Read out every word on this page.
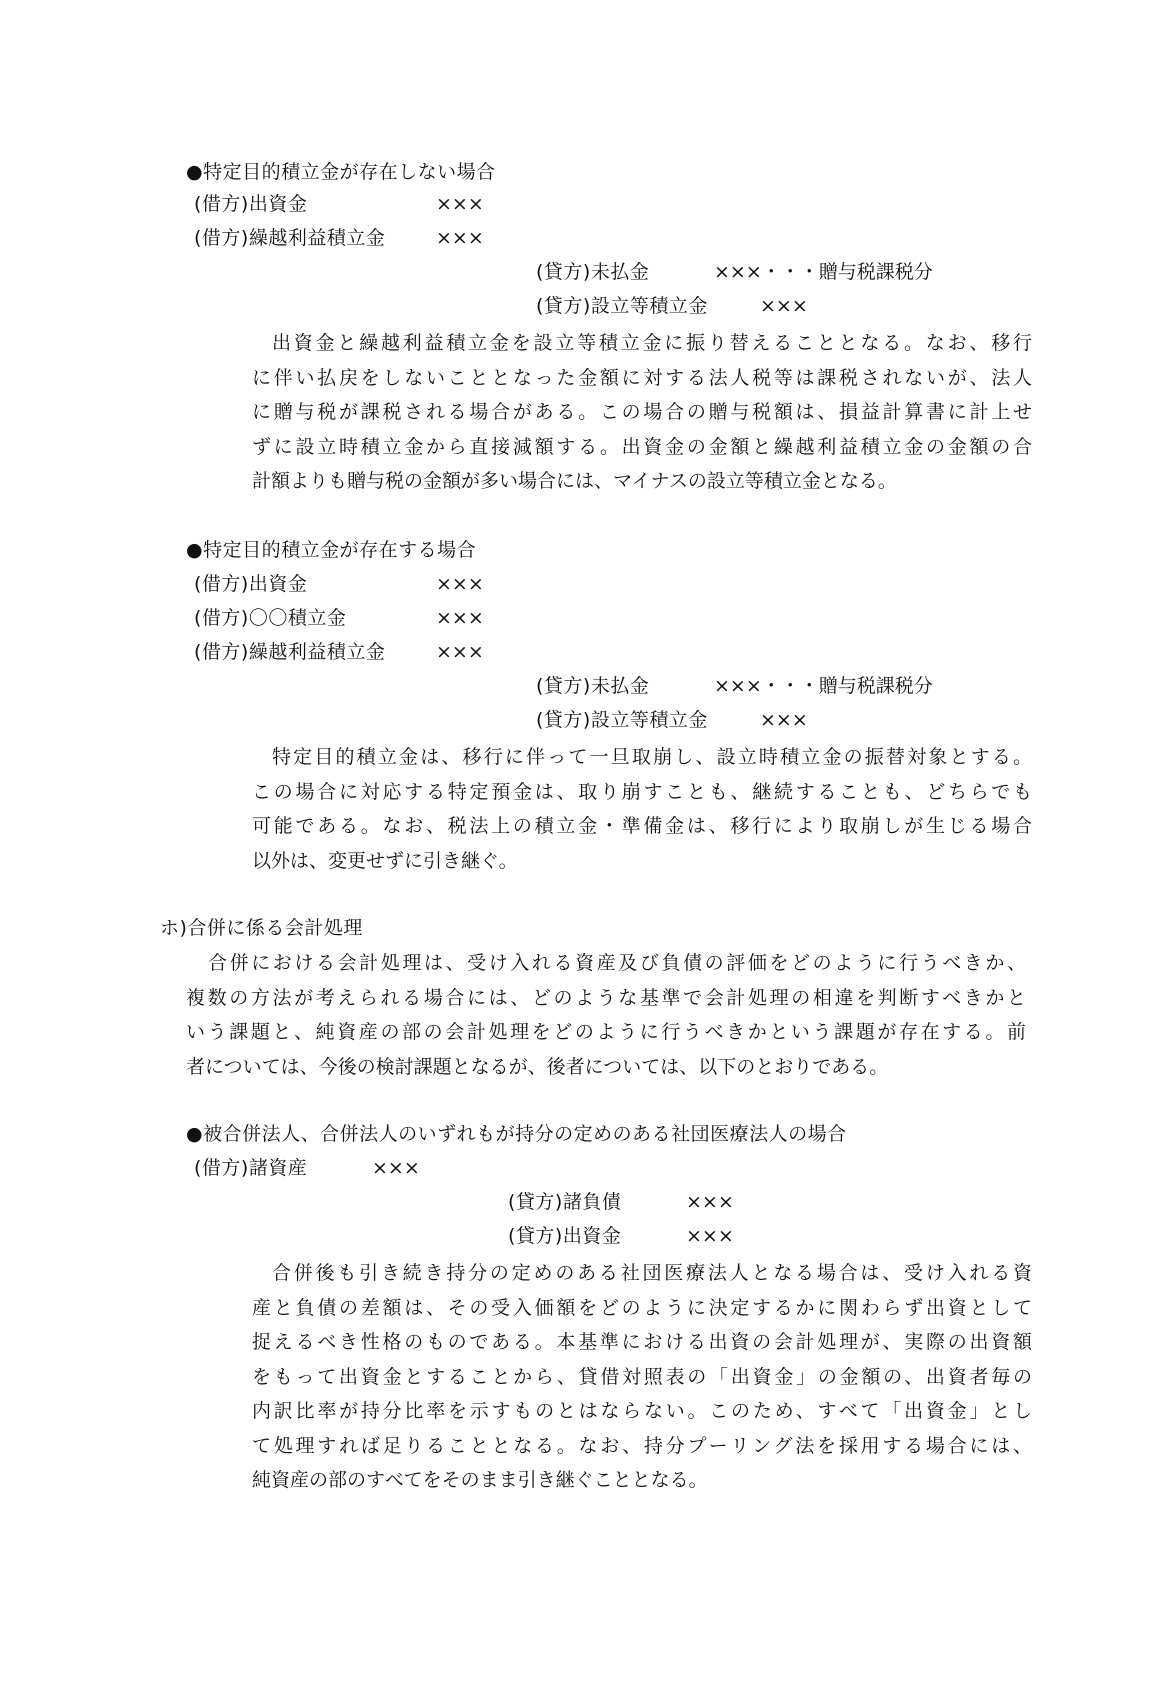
●特定目的積立金が存在しない場合
(借方)出資金	×××
(借方)繰越利益積立金	×××
(貸方)未払金	×××・・・贈与税課税分
(貸方)設立等積立金	×××
出資金と繰越利益積立金を設立等積立金に振り替えることとなる。なお、移行
に伴い払戻をしないこととなった金額に対する法人税等は課税されないが、法人
に贈与税が課税される場合がある。この場合の贈与税額は、損益計算書に計上せ
ずに設立時積立金から直接減額する。出資金の金額と繰越利益積立金の金額の合
計額よりも贈与税の金額が多い場合には、マイナスの設立等積立金となる。
●特定目的積立金が存在する場合
(借方)出資金	×××
(借方)〇〇積立金	×××
(借方)繰越利益積立金	×××
(貸方)未払金	×××・・・贈与税課税分
(貸方)設立等積立金	×××
特定目的積立金は、移行に伴って一旦取崩し、設立時積立金の振替対象とする。
この場合に対応する特定預金は、取り崩すことも、継続することも、どちらでも
可能である。なお、税法上の積立金・準備金は、移行により取崩しが生じる場合
以外は、変更せずに引き継ぐ。
ホ)合併に係る会計処理
合併における会計処理は、受け入れる資産及び負債の評価をどのように行うべきか、
複数の方法が考えられる場合には、どのような基準で会計処理の相違を判断すべきかと
いう課題と、純資産の部の会計処理をどのように行うべきかという課題が存在する。前
者については、今後の検討課題となるが、後者については、以下のとおりである。
●被合併法人、合併法人のいずれもが持分の定めのある社団医療法人の場合
(借方)諸資産	×××
(貸方)諸負債	×××
(貸方)出資金	×××
合併後も引き続き持分の定めのある社団医療法人となる場合は、受け入れる資
産と負債の差額は、その受入価額をどのように決定するかに関わらず出資として
捉えるべき性格のものである。本基準における出資の会計処理が、実際の出資額
をもって出資金とすることから、貸借対照表の「出資金」の金額の、出資者毎の
内訳比率が持分比率を示すものとはならない。このため、すべて「出資金」とし
て処理すれば足りることとなる。なお、持分プーリング法を採用する場合には、
純資産の部のすべてをそのまま引き継ぐこととなる。
